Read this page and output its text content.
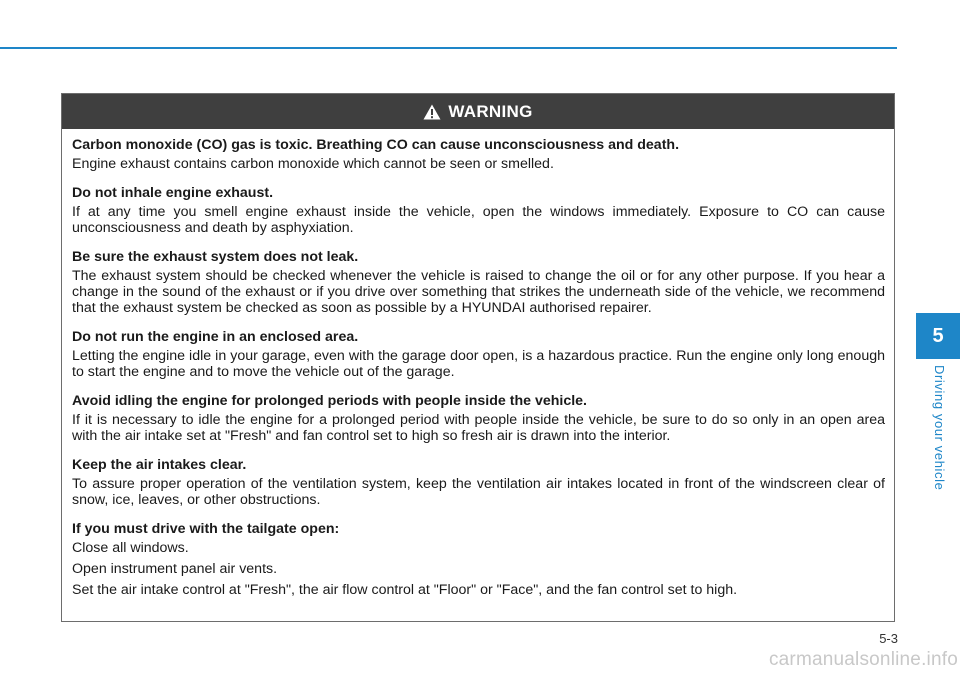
WARNING

Carbon monoxide (CO) gas is toxic. Breathing CO can cause unconsciousness and death.

Engine exhaust contains carbon monoxide which cannot be seen or smelled.

Do not inhale engine exhaust.

If at any time you smell engine exhaust inside the vehicle, open the windows immediately. Exposure to CO can cause unconsciousness and death by asphyxiation.

Be sure the exhaust system does not leak.

The exhaust system should be checked whenever the vehicle is raised to change the oil or for any other purpose. If you hear a change in the sound of the exhaust or if you drive over something that strikes the underneath side of the vehicle, we recommend that the exhaust system be checked as soon as possible by a HYUNDAI authorised repairer.

Do not run the engine in an enclosed area.

Letting the engine idle in your garage, even with the garage door open, is a hazardous practice. Run the engine only long enough to start the engine and to move the vehicle out of the garage.

Avoid idling the engine for prolonged periods with people inside the vehicle.

If it is necessary to idle the engine for a prolonged period with people inside the vehicle, be sure to do so only in an open area with the air intake set at "Fresh" and fan control set to high so fresh air is drawn into the interior.

Keep the air intakes clear.

To assure proper operation of the ventilation system, keep the ventilation air intakes located in front of the windscreen clear of snow, ice, leaves, or other obstructions.

If you must drive with the tailgate open:

Close all windows.

Open instrument panel air vents.

Set the air intake control at "Fresh", the air flow control at "Floor" or "Face", and the fan control set to high.

5
Driving your vehicle
5-3
carmanualsonline.info
